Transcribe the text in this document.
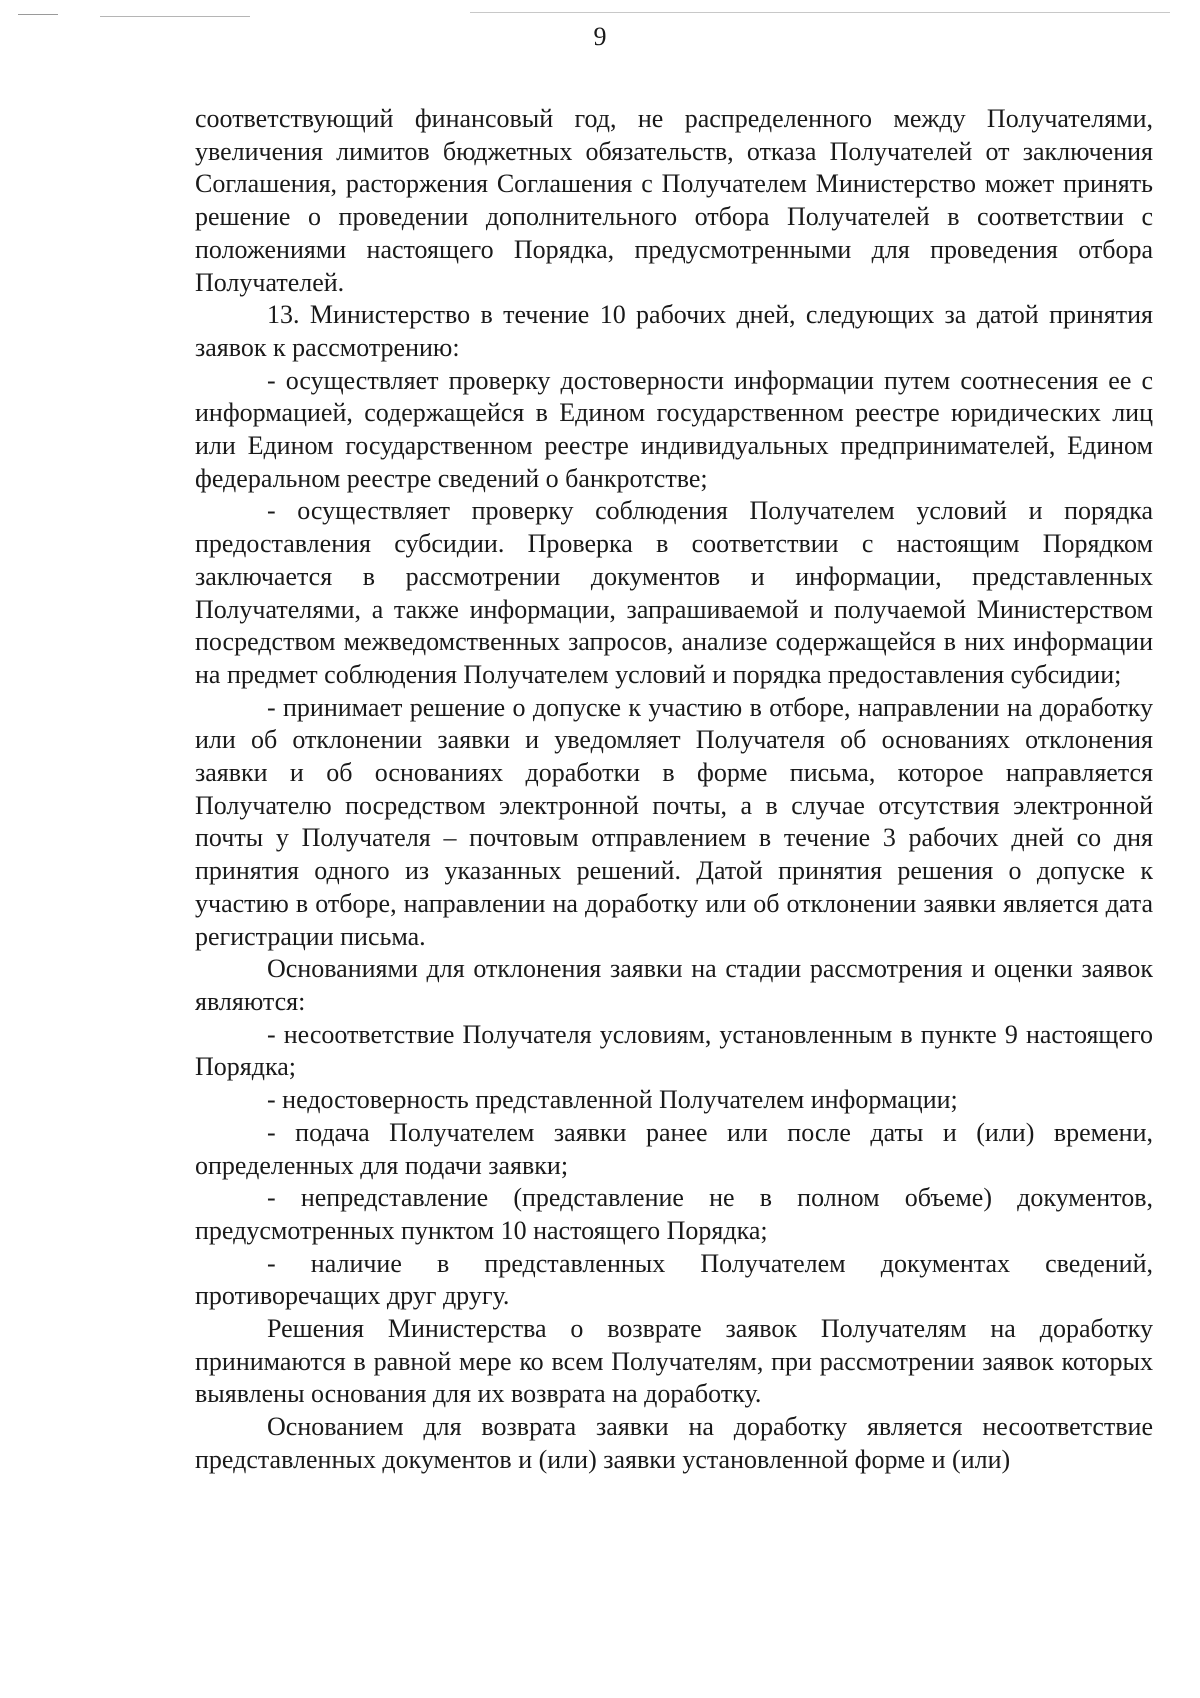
9

соответствующий финансовый год, не распределенного между Получателями, увеличения лимитов бюджетных обязательств, отказа Получателей от заключения Соглашения, расторжения Соглашения с Получателем Министерство может принять решение о проведении дополнительного отбора Получателей в соответствии с положениями настоящего Порядка, предусмотренными для проведения отбора Получателей.

13. Министерство в течение 10 рабочих дней, следующих за датой принятия заявок к рассмотрению:

- осуществляет проверку достоверности информации путем соотнесения ее с информацией, содержащейся в Едином государственном реестре юридических лиц или Едином государственном реестре индивидуальных предпринимателей, Едином федеральном реестре сведений о банкротстве;

- осуществляет проверку соблюдения Получателем условий и порядка предоставления субсидии. Проверка в соответствии с настоящим Порядком заключается в рассмотрении документов и информации, представленных Получателями, а также информации, запрашиваемой и получаемой Министерством посредством межведомственных запросов, анализе содержащейся в них информации на предмет соблюдения Получателем условий и порядка предоставления субсидии;

- принимает решение о допуске к участию в отборе, направлении на доработку или об отклонении заявки и уведомляет Получателя об основаниях отклонения заявки и об основаниях доработки в форме письма, которое направляется Получателю посредством электронной почты, а в случае отсутствия электронной почты у Получателя – почтовым отправлением в течение 3 рабочих дней со дня принятия одного из указанных решений. Датой принятия решения о допуске к участию в отборе, направлении на доработку или об отклонении заявки является дата регистрации письма.

Основаниями для отклонения заявки на стадии рассмотрения и оценки заявок являются:

- несоответствие Получателя условиям, установленным в пункте 9 настоящего Порядка;

- недостоверность представленной Получателем информации;

- подача Получателем заявки ранее или после даты и (или) времени, определенных для подачи заявки;

- непредставление (представление не в полном объеме) документов, предусмотренных пунктом 10 настоящего Порядка;

- наличие в представленных Получателем документах сведений, противоречащих друг другу.

Решения Министерства о возврате заявок Получателям на доработку принимаются в равной мере ко всем Получателям, при рассмотрении заявок которых выявлены основания для их возврата на доработку.

Основанием для возврата заявки на доработку является несоответствие представленных документов и (или) заявки установленной форме и (или)
